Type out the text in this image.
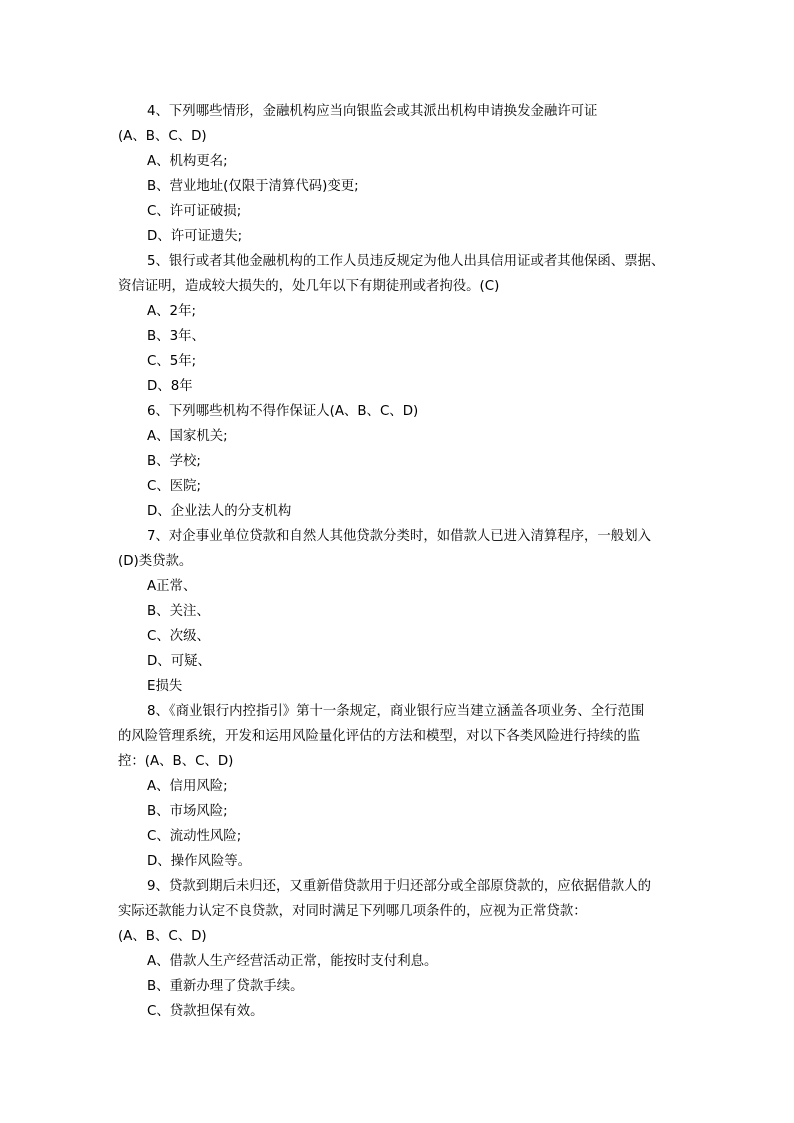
4、下列哪些情形，金融机构应当向银监会或其派出机构申请换发金融许可证
(A、B、C、D)
A、机构更名;
B、营业地址(仅限于清算代码)变更;
C、许可证破损;
D、许可证遗失;
5、银行或者其他金融机构的工作人员违反规定为他人出具信用证或者其他保函、票据、
资信证明，造成较大损失的，处几年以下有期徒刑或者拘役。(C)
A、2年;
B、3年、
C、5年;
D、8年
6、下列哪些机构不得作保证人(A、B、C、D)
A、国家机关;
B、学校;
C、医院;
D、企业法人的分支机构
7、对企事业单位贷款和自然人其他贷款分类时，如借款人已进入清算程序，一般划入
(D)类贷款。
A正常、
B、关注、
C、次级、
D、可疑、
E损失
8、《商业银行内控指引》第十一条规定，商业银行应当建立涵盖各项业务、全行范围
的风险管理系统，开发和运用风险量化评估的方法和模型，对以下各类风险进行持续的监
控：(A、B、C、D)
A、信用风险;
B、市场风险;
C、流动性风险;
D、操作风险等。
9、贷款到期后未归还，又重新借贷款用于归还部分或全部原贷款的，应依据借款人的
实际还款能力认定不良贷款，对同时满足下列哪几项条件的，应视为正常贷款：
(A、B、C、D)
A、借款人生产经营活动正常，能按时支付利息。
B、重新办理了贷款手续。
C、贷款担保有效。
